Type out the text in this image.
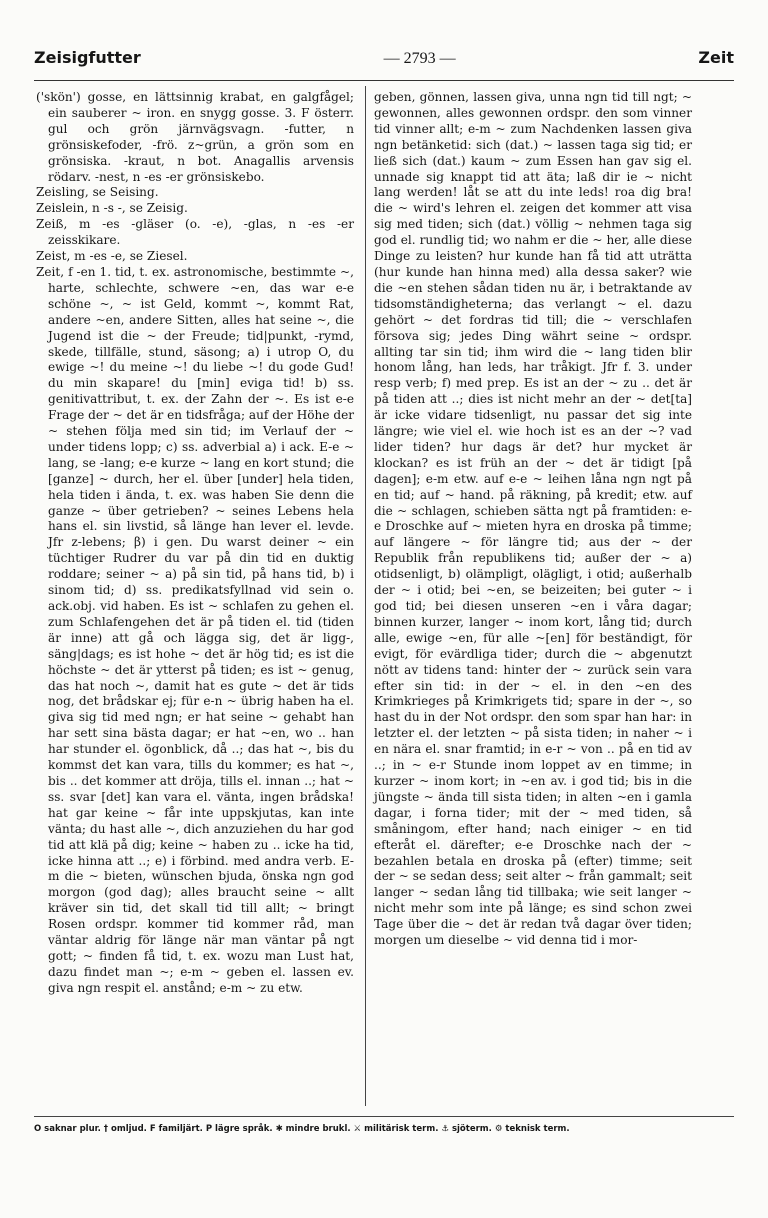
Zeisigfutter	— 2793 —	Zeit

('skön') gosse, en lättsinnig krabat, en galgfågel; ein sauberer ~ iron. en snygg gosse. 3. F österr. gul och grön järnvägsvagn. -futter, n grönsiskefoder, -frö. z~grün, a grön som en grönsiska. -kraut, n bot. Anagallis arvensis rödarv. -nest, n -es -er grönsiskebo.

Zeisling, se Seising.

Zeislein, n -s -, se Zeisig.

Zeiß, m -es -gläser (o. -e), -glas, n -es -er zeisskikare.

Zeist, m -es -e, se Ziesel.

Zeit, f -en 1. tid, t. ex. astronomische, bestimmte ~, harte, schlechte, schwere ~en, das war e-e schöne ~, ~ ist Geld, kommt ~, kommt Rat, andere ~en, andere Sitten, alles hat seine ~, die Jugend ist die ~ der Freude; tid|punkt, -rymd, skede, tillfälle, stund, säsong; a) i utrop O, du ewige ~! du meine ~! du liebe ~! du gode Gud! du min skapare! du [min] eviga tid! b) ss. genitivattribut, t. ex. der Zahn der ~. Es ist e-e Frage der ~ det är en tidsfråga; auf der Höhe der ~ stehen följa med sin tid; im Verlauf der ~ under tidens lopp; c) ss. adverbial a) i ack. E-e ~ lang, se -lang; e-e kurze ~ lang en kort stund; die [ganze] ~ durch, her el. über [under] hela tiden, hela tiden i ända, t. ex. was haben Sie denn die ganze ~ über getrieben? ~ seines Lebens hela hans el. sin livstid, så länge han lever el. levde. Jfr z-lebens; β) i gen. Du warst deiner ~ ein tüchtiger Rudrer du var på din tid en duktig roddare; seiner ~ a) på sin tid, på hans tid, b) i sinom tid; d) ss. predikatsfyllnad vid sein o. ack.obj. vid haben. Es ist ~ schlafen zu gehen el. zum Schlafengehen det är på tiden el. tid (tiden är inne) att gå och lägga sig, det är ligg-, säng|dags; es ist hohe ~ det är hög tid; es ist die höchste ~ det är ytterst på tiden; es ist ~ genug, das hat noch ~, damit hat es gute ~ det är tids nog, det brådskar ej; für e-n ~ übrig haben ha el. giva sig tid med ngn; er hat seine ~ gehabt han har sett sina bästa dagar; er hat ~en, wo .. han har stunder el. ögonblick, då ..; das hat ~, bis du kommst det kan vara, tills du kommer; es hat ~, bis .. det kommer att dröja, tills el. innan ..; hat ~ ss. svar [det] kan vara el. vänta, ingen brådska! hat gar keine ~ får inte uppskjutas, kan inte vänta; du hast alle ~, dich anzuziehen du har god tid att klä på dig; keine ~ haben zu .. icke ha tid, icke hinna att ..; e) i förbind. med andra verb. E-m die ~ bieten, wünschen bjuda, önska ngn god morgon (god dag); alles braucht seine ~ allt kräver sin tid, det skall tid till allt; ~ bringt Rosen ordspr. kommer tid kommer råd, man väntar aldrig för länge när man väntar på ngt gott; ~ finden få tid, t. ex. wozu man Lust hat, dazu findet man ~; e-m ~ geben el. lassen ev. giva ngn respit el. anstånd; e-m ~ zu etw.

geben, gönnen, lassen giva, unna ngn tid till ngt; ~ gewonnen, alles gewonnen ordspr. den som vinner tid vinner allt; e-m ~ zum Nachdenken lassen giva ngn betänketid: sich (dat.) ~ lassen taga sig tid; er ließ sich (dat.) kaum ~ zum Essen han gav sig el. unnade sig knappt tid att äta; laß dir ie ~ nicht lang werden! låt se att du inte leds! roa dig bra! die ~ wird's lehren el. zeigen det kommer att visa sig med tiden; sich (dat.) völlig ~ nehmen taga sig god el. rundlig tid; wo nahm er die ~ her, alle diese Dinge zu leisten? hur kunde han få tid att uträtta (hur kunde han hinna med) alla dessa saker? wie die ~en stehen sådan tiden nu är, i betraktande av tidsomständigheterna; das verlangt ~ el. dazu gehört ~ det fordras tid till; die ~ verschlafen försova sig; jedes Ding währt seine ~ ordspr. allting tar sin tid; ihm wird die ~ lang tiden blir honom lång, han leds, har tråkigt. Jfr f. 3. under resp verb; f) med prep. Es ist an der ~ zu .. det är på tiden att ..; dies ist nicht mehr an der ~ det[ta] är icke vidare tidsenligt, nu passar det sig inte längre; wie viel el. wie hoch ist es an der ~? vad lider tiden? hur dags är det? hur mycket är klockan? es ist früh an der ~ det är tidigt [på dagen]; e-m etw. auf e-e ~ leihen låna ngn ngt på en tid; auf ~ hand. på räkning, på kredit; etw. auf die ~ schlagen, schieben sätta ngt på framtiden: e-e Droschke auf ~ mieten hyra en droska på timme; auf längere ~ för längre tid; aus der ~ der Republik från republikens tid; außer der ~ a) otidsenligt, b) olämpligt, olägligt, i otid; außerhalb der ~ i otid; bei ~en, se beizeiten; bei guter ~ i god tid; bei diesen unseren ~en i våra dagar; binnen kurzer, langer ~ inom kort, lång tid; durch alle, ewige ~en, für alle ~[en] för beständigt, för evigt, för evärdliga tider; durch die ~ abgenutzt nött av tidens tand: hinter der ~ zurück sein vara efter sin tid: in der ~ el. in den ~en des Krimkrieges på Krimkrigets tid; spare in der ~, so hast du in der Not ordspr. den som spar han har: in letzter el. der letzten ~ på sista tiden; in naher ~ i en nära el. snar framtid; in e-r ~ von .. på en tid av ..; in ~ e-r Stunde inom loppet av en timme; in kurzer ~ inom kort; in ~en av. i god tid; bis in die jüngste ~ ända till sista tiden; in alten ~en i gamla dagar, i forna tider; mit der ~ med tiden, så småningom, efter hand; nach einiger ~ en tid efteråt el. därefter; e-e Droschke nach der ~ bezahlen betala en droska på (efter) timme; seit der ~ se sedan dess; seit alter ~ från gammalt; seit langer ~ sedan lång tid tillbaka; wie seit langer ~ nicht mehr som inte på länge; es sind schon zwei Tage über die ~ det är redan två dagar över tiden; morgen um dieselbe ~ vid denna tid i mor-

O saknar plur. † omljud. F familjärt. P lägre språk. ✱ mindre brukl. ⚔ militärisk term. ⚓ sjöterm. ⚙ teknisk term.
